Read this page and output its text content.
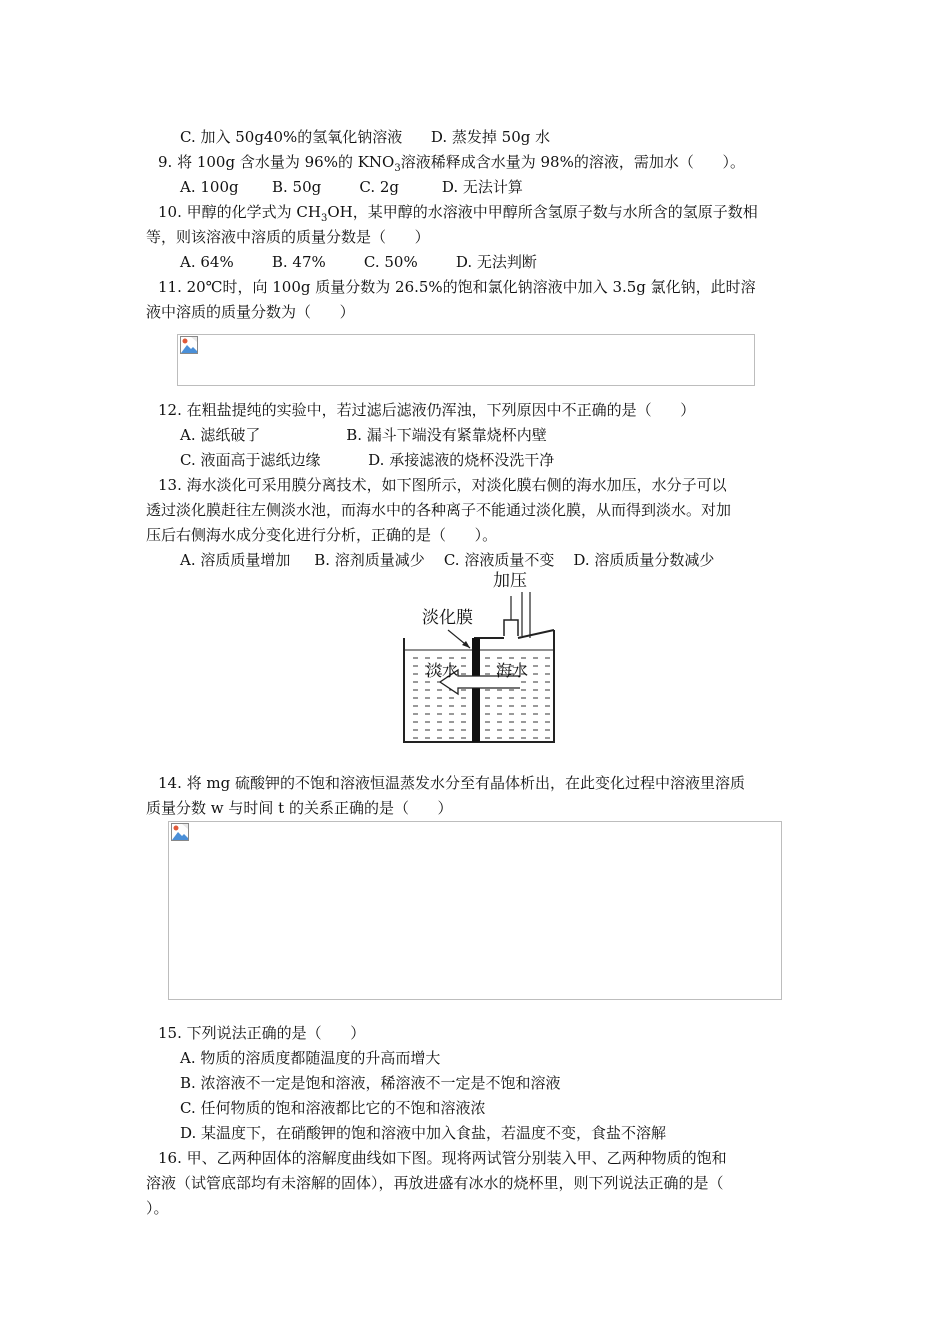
C. 加入 50g40%的氢氧化钠溶液      D. 蒸发掉 50g 水
9. 将 100g 含水量为 96%的 $KNO_3$溶液稀释成含水量为 98%的溶液，需加水（      ）。
A. 100g       B. 50g        C. 2g         D. 无法计算
10. 甲醇的化学式为 $CH_3OH$，某甲醇的水溶液中甲醇所含氢原子数与水所含的氢原子数相
等，则该溶液中溶质的质量分数是（      ）
A. 64%        B. 47%        C. 50%        D. 无法判断
11. 20℃时，向 100g 质量分数为 26.5%的饱和氯化钠溶液中加入 3.5g 氯化钠，此时溶
液中溶质的质量分数为（      ）
12. 在粗盐提纯的实验中，若过滤后滤液仍浑浊，下列原因中不正确的是（      ）
A. 滤纸破了                  B. 漏斗下端没有紧靠烧杯内壁
C. 液面高于滤纸边缘          D. 承接滤液的烧杯没洗干净
13. 海水淡化可采用膜分离技术，如下图所示，对淡化膜右侧的海水加压，水分子可以
透过淡化膜赶往左侧淡水池，而海水中的各种离子不能通过淡化膜，从而得到淡水。对加
压后右侧海水成分变化进行分析，正确的是（      ）。
A. 溶质质量增加     B. 溶剂质量减少    C. 溶液质量不变    D. 溶质质量分数减少
加压
淡化膜
淡水 海水
14. 将 mg 硫酸钾的不饱和溶液恒温蒸发水分至有晶体析出，在此变化过程中溶液里溶质
质量分数 w 与时间 t 的关系正确的是（      ）
15. 下列说法正确的是（      ）
A. 物质的溶质度都随温度的升高而增大
B. 浓溶液不一定是饱和溶液，稀溶液不一定是不饱和溶液
C. 任何物质的饱和溶液都比它的不饱和溶液浓
D. 某温度下，在硝酸钾的饱和溶液中加入食盐，若温度不变，食盐不溶解
16. 甲、乙两种固体的溶解度曲线如下图。现将两试管分别装入甲、乙两种物质的饱和
溶液（试管底部均有未溶解的固体），再放进盛有冰水的烧杯里，则下列说法正确的是（
）。
